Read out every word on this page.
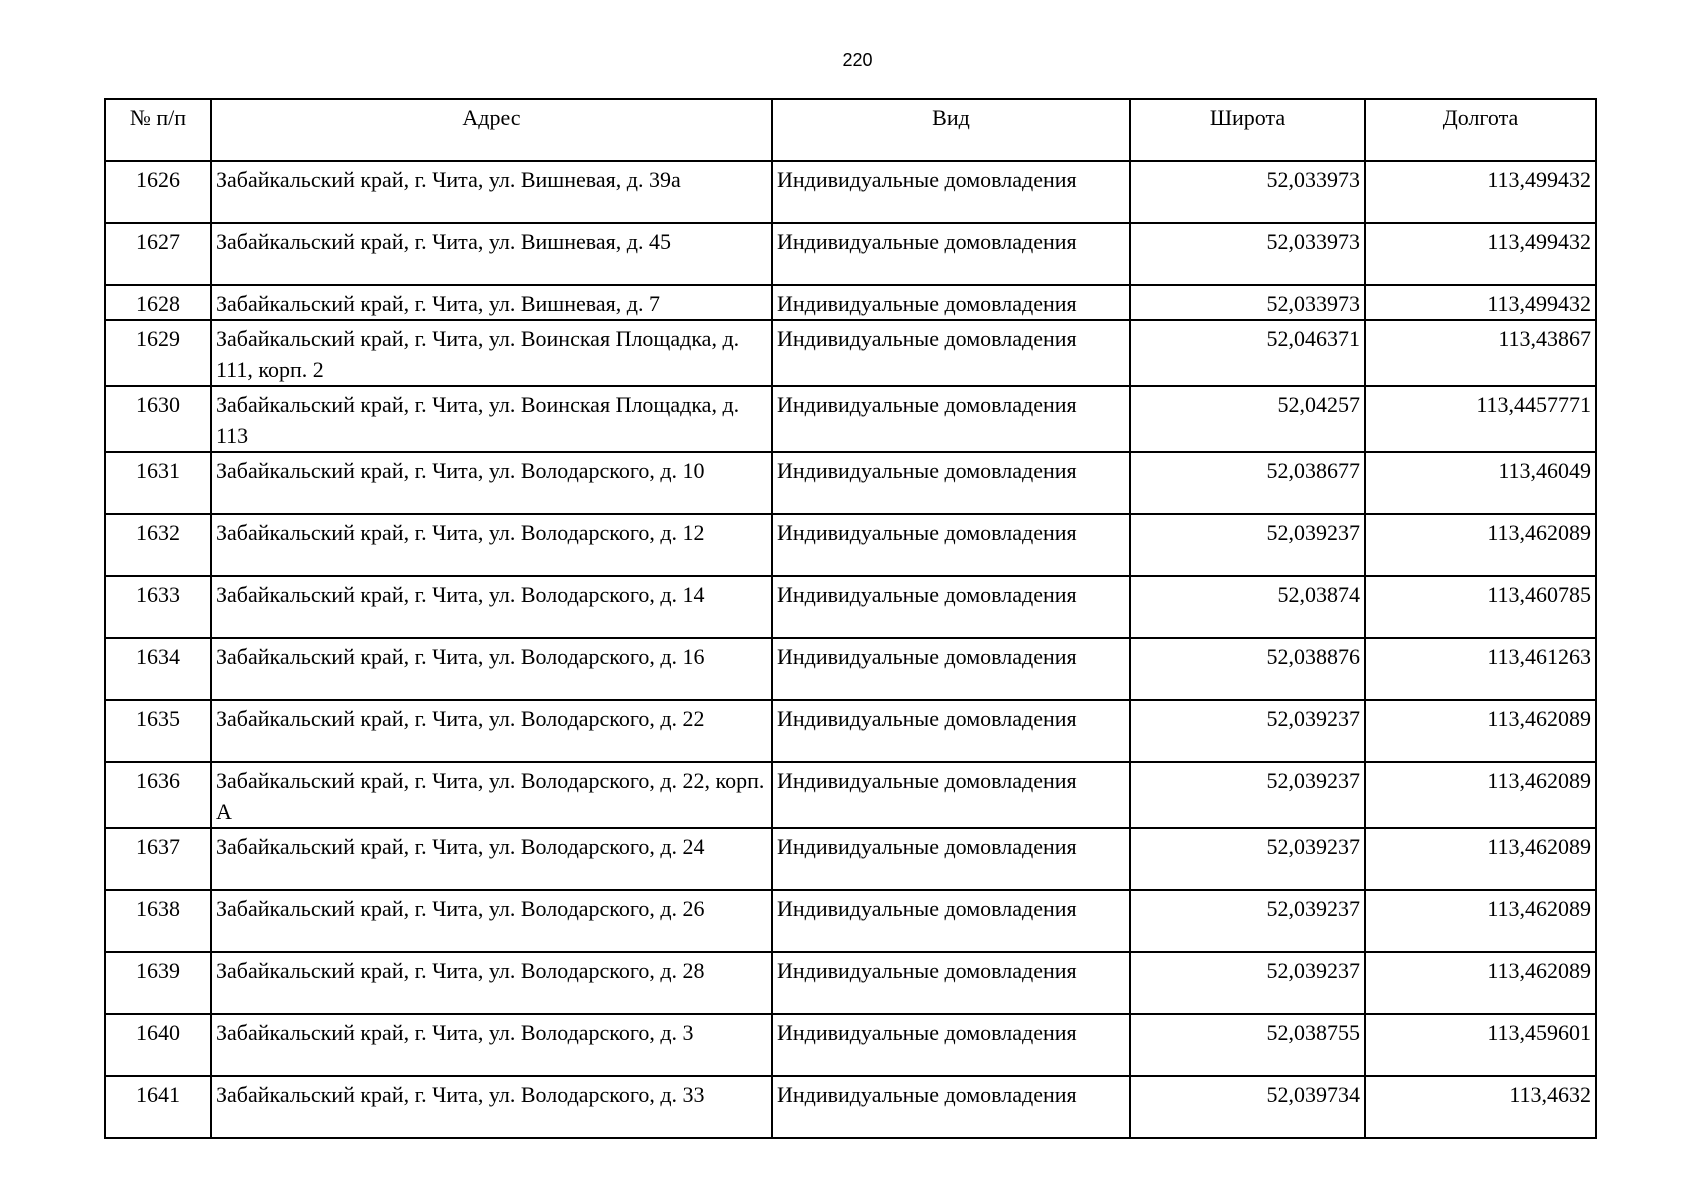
220
№ п/п	Адрес	Вид	Широта	Долгота
1626	Забайкальский край, г. Чита, ул. Вишневая, д. 39а	Индивидуальные домовладения	52,033973	113,499432
1627	Забайкальский край, г. Чита, ул. Вишневая, д. 45	Индивидуальные домовладения	52,033973	113,499432
1628	Забайкальский край, г. Чита, ул. Вишневая, д. 7	Индивидуальные домовладения	52,033973	113,499432
1629	Забайкальский край, г. Чита, ул. Воинская Площадка, д. 111, корп. 2	Индивидуальные домовладения	52,046371	113,43867
1630	Забайкальский край, г. Чита, ул. Воинская Площадка, д. 113	Индивидуальные домовладения	52,04257	113,4457771
1631	Забайкальский край, г. Чита, ул. Володарского, д. 10	Индивидуальные домовладения	52,038677	113,46049
1632	Забайкальский край, г. Чита, ул. Володарского, д. 12	Индивидуальные домовладения	52,039237	113,462089
1633	Забайкальский край, г. Чита, ул. Володарского, д. 14	Индивидуальные домовладения	52,03874	113,460785
1634	Забайкальский край, г. Чита, ул. Володарского, д. 16	Индивидуальные домовладения	52,038876	113,461263
1635	Забайкальский край, г. Чита, ул. Володарского, д. 22	Индивидуальные домовладения	52,039237	113,462089
1636	Забайкальский край, г. Чита, ул. Володарского, д. 22, корп. А	Индивидуальные домовладения	52,039237	113,462089
1637	Забайкальский край, г. Чита, ул. Володарского, д. 24	Индивидуальные домовладения	52,039237	113,462089
1638	Забайкальский край, г. Чита, ул. Володарского, д. 26	Индивидуальные домовладения	52,039237	113,462089
1639	Забайкальский край, г. Чита, ул. Володарского, д. 28	Индивидуальные домовладения	52,039237	113,462089
1640	Забайкальский край, г. Чита, ул. Володарского, д. 3	Индивидуальные домовладения	52,038755	113,459601
1641	Забайкальский край, г. Чита, ул. Володарского, д. 33	Индивидуальные домовладения	52,039734	113,4632
